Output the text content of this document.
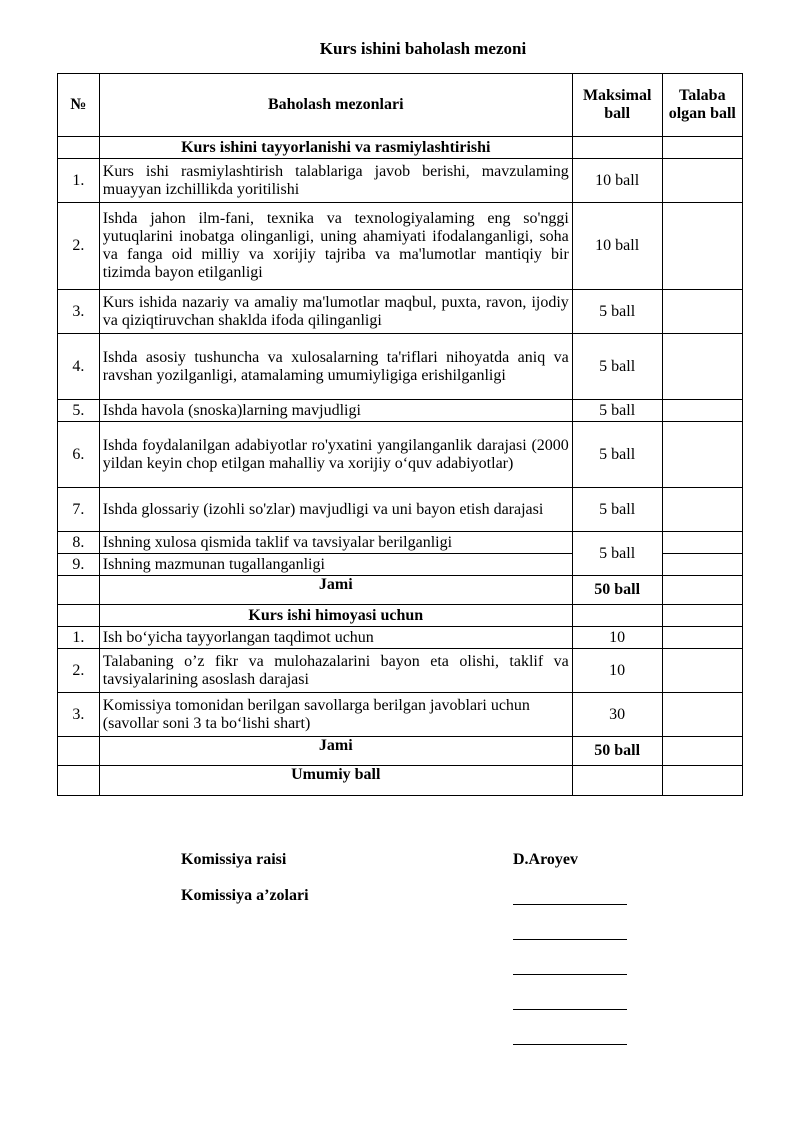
Kurs ishini baholash mezoni
№	Baholash mezonlari	Maksimal ball	Talaba olgan ball
	Kurs ishini tayyorlanishi va rasmiylashtirishi		
1.	Kurs ishi rasmiylashtirish talablariga javob berishi, mavzulaming muayyan izchillikda yoritilishi	10 ball	
2.	Ishda jahon ilm-fani, texnika va texnologiyalaming eng so'nggi yutuqlarini inobatga olinganligi, uning ahamiyati ifodalanganligi, soha va fanga oid milliy va xorijiy tajriba va ma'lumotlar mantiqiy bir tizimda bayon etilganligi	10 ball	
3.	Kurs ishida nazariy va amaliy ma'lumotlar maqbul, puxta, ravon, ijodiy va qiziqtiruvchan shaklda ifoda qilinganligi	5 ball	
4.	Ishda asosiy tushuncha va xulosalarning ta'riflari nihoyatda aniq va ravshan yozilganligi, atamalaming umumiyligiga erishilganligi	5 ball	
5.	Ishda havola (snoska)larning mavjudligi	5 ball	
6.	Ishda foydalanilgan adabiyotlar ro'yxatini yangilanganlik darajasi (2000 yildan keyin chop etilgan mahalliy va xorijiy o‘quv adabiyotlar)	5 ball	
7.	Ishda glossariy (izohli so'zlar) mavjudligi va uni bayon etish darajasi	5 ball	
8.	Ishning xulosa qismida taklif va tavsiyalar berilganligi	5 ball	
9.	Ishning mazmunan tugallanganligi		
	Jami	50 ball	
	Kurs ishi himoyasi uchun		
1.	Ish bo‘yicha tayyorlangan taqdimot uchun	10	
2.	Talabaning o’z fikr va mulohazalarini bayon eta olishi, taklif va tavsiyalarining asoslash darajasi	10	
3.	Komissiya tomonidan berilgan savollarga berilgan javoblari uchun (savollar soni 3 ta bo‘lishi shart)	30	
	Jami	50 ball	
	Umumiy ball		
Komissiya raisi	D.Aroyev
Komissiya a’zolari
